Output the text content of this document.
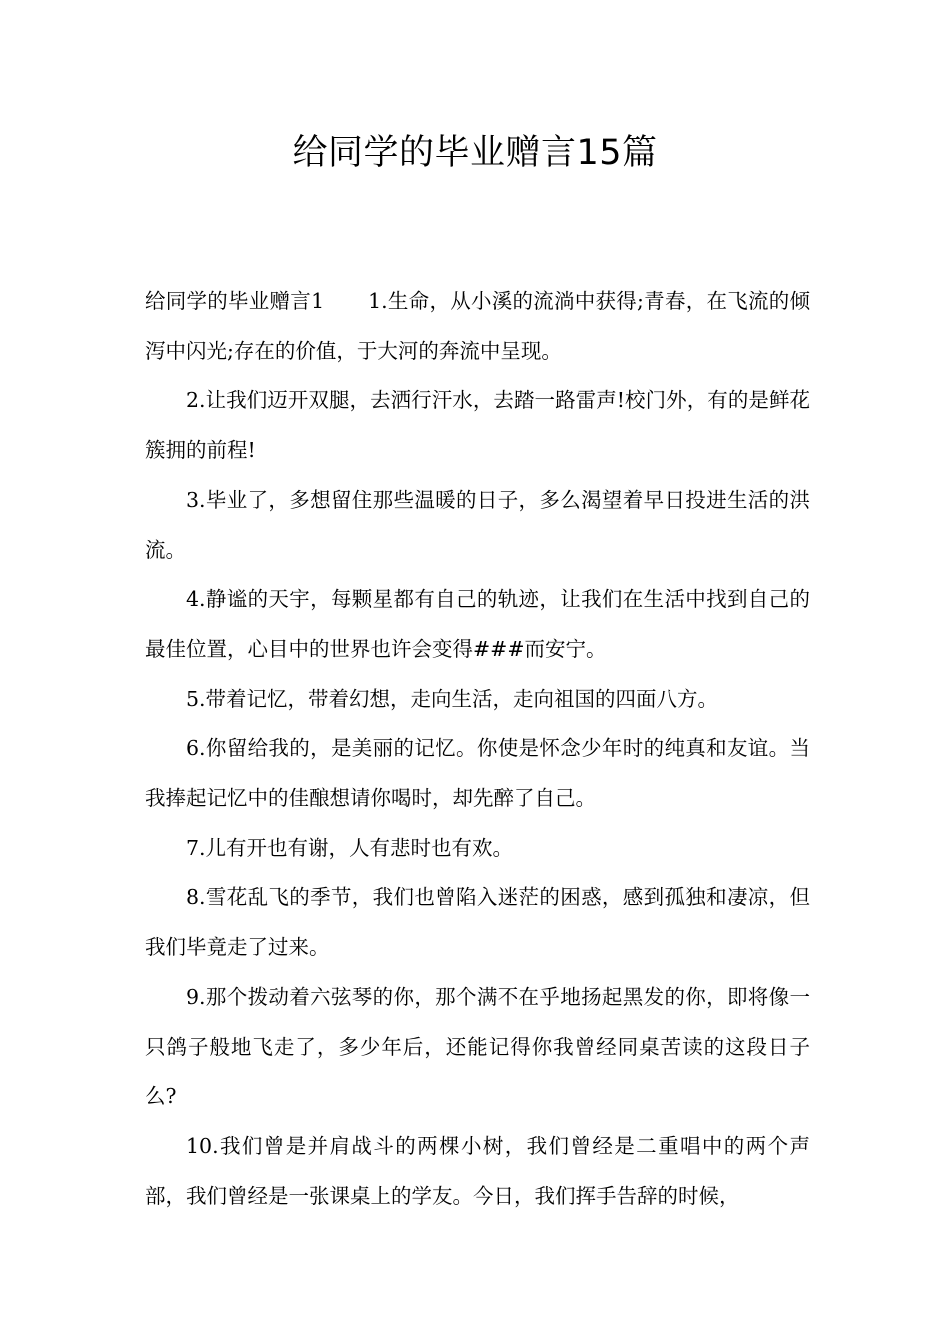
给同学的毕业赠言15篇

给同学的毕业赠言1 1.生命，从小溪的流淌中获得;青春，在飞流的倾泻中闪光;存在的价值，于大河的奔流中呈现。

2.让我们迈开双腿，去洒行汗水，去踏一路雷声!校门外，有的是鲜花簇拥的前程!

3.毕业了，多想留住那些温暖的日子，多么渴望着早日投进生活的洪流。

4.静谧的天宇，每颗星都有自己的轨迹，让我们在生活中找到自己的最佳位置，心目中的世界也许会变得###而安宁。

5.带着记忆，带着幻想，走向生活，走向祖国的四面八方。

6.你留给我的，是美丽的记忆。你使是怀念少年时的纯真和友谊。当我捧起记忆中的佳酿想请你喝时，却先醉了自己。

7.儿有开也有谢，人有悲时也有欢。

8.雪花乱飞的季节，我们也曾陷入迷茫的困惑，感到孤独和凄凉，但我们毕竟走了过来。

9.那个拨动着六弦琴的你，那个满不在乎地扬起黑发的你，即将像一只鸽子般地飞走了，多少年后，还能记得你我曾经同桌苦读的这段日子么?

10.我们曾是并肩战斗的两棵小树，我们曾经是二重唱中的两个声部，我们曾经是一张课桌上的学友。今日，我们挥手告辞的时候，
